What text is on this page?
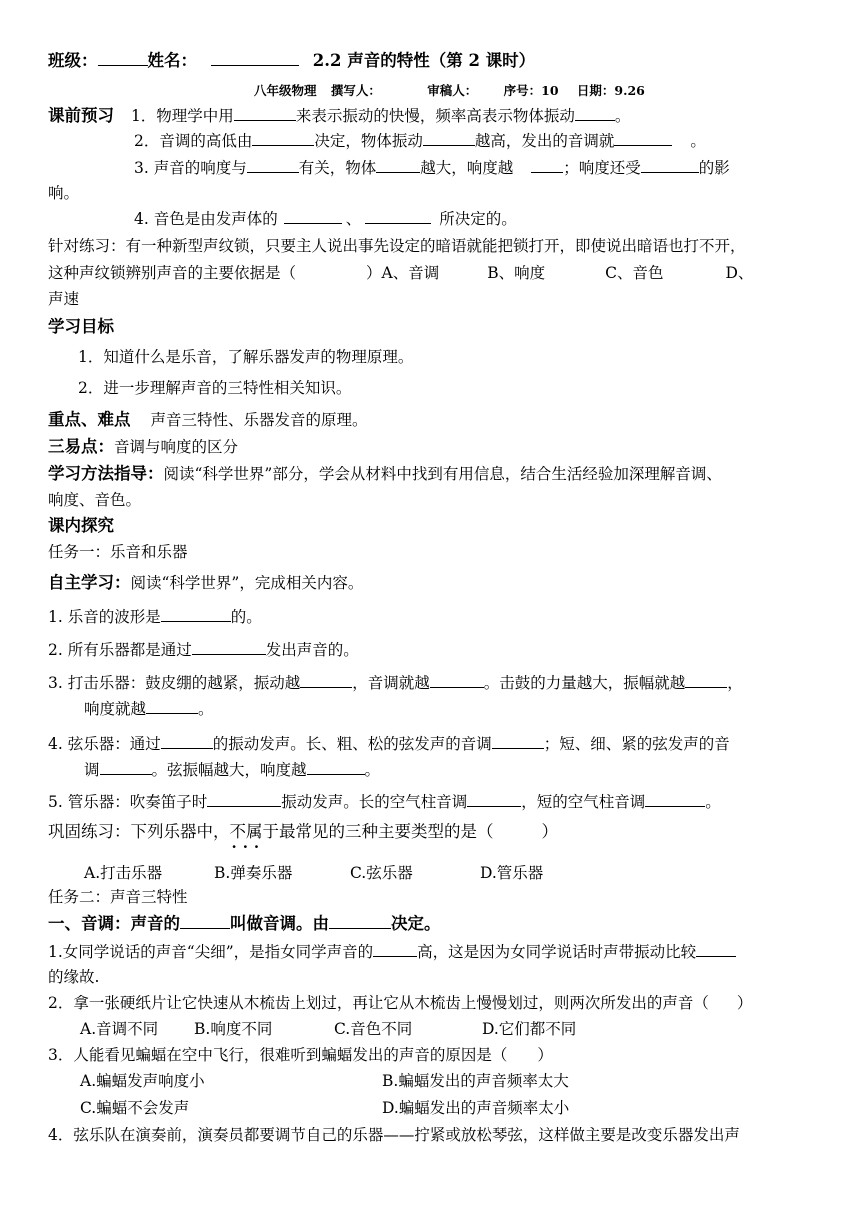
班级：	姓名：	2.2 声音的特性（第 2 课时）
八年级物理 撰写人：	审稿人： 序号：10 日期：9.26
课前预习 1．物理学中用	来表示振动的快慢，频率高表示物体振动	。
2．音调的高低由	决定，物体振动	越高，发出的音调就	。
3. 声音的响度与	有关，物体	越大，响度越	；响度还受	的影
响。
4. 音色是由发声体的	、	所决定的。
针对练习：有一种新型声纹锁，只要主人说出事先设定的暗语就能把锁打开，即使说出暗语也打不开，
这种声纹锁辨别声音的主要依据是（	）A、音调	B、响度	C、音色	D、
声速
学习目标
1．知道什么是乐音，了解乐器发声的物理原理。
2．进一步理解声音的三特性相关知识。
重点、难点 声音三特性、乐器发音的原理。
三易点：音调与响度的区分
学习方法指导：阅读“科学世界”部分，学会从材料中找到有用信息，结合生活经验加深理解音调、
响度、音色。
课内探究
任务一：乐音和乐器
自主学习：阅读“科学世界”，完成相关内容。
1. 乐音的波形是	的。
2. 所有乐器都是通过	发出声音的。
3. 打击乐器：鼓皮绷的越紧，振动越	，音调就越	。击鼓的力量越大，振幅就越	，
响度就越	。
4. 弦乐器：通过	的振动发声。长、粗、松的弦发声的音调	；短、细、紧的弦发声的音
调	。弦振幅越大，响度越	。
5. 管乐器：吹奏笛子时	振动发声。长的空气柱音调	，短的空气柱音调	。
巩固练习：下列乐器中，不属于 ·  ·  ·最常见的三种主要类型的是（	）
A.打击乐器	B.弹奏乐器	C.弦乐器	D.管乐器
任务二：声音三特性
一、音调：声音的	叫做音调。由	决定。
1.女同学说话的声音“尖细”，是指女同学声音的	高，这是因为女同学说话时声带振动比较
的缘故.
2．拿一张硬纸片让它快速从木梳齿上划过，再让它从木梳齿上慢慢划过，则两次所发出的声音（ ）
A.音调不同 B.响度不同	C.音色不同	D.它们都不同
3．人能看见蝙蝠在空中飞行，很难听到蝙蝠发出的声音的原因是（ ）
A.蝙蝠发声响度小	B.蝙蝠发出的声音频率太大
C.蝙蝠不会发声	D.蝙蝠发出的声音频率太小
4．弦乐队在演奏前，演奏员都要调节自己的乐器——拧紧或放松琴弦，这样做主要是改变乐器发出声
